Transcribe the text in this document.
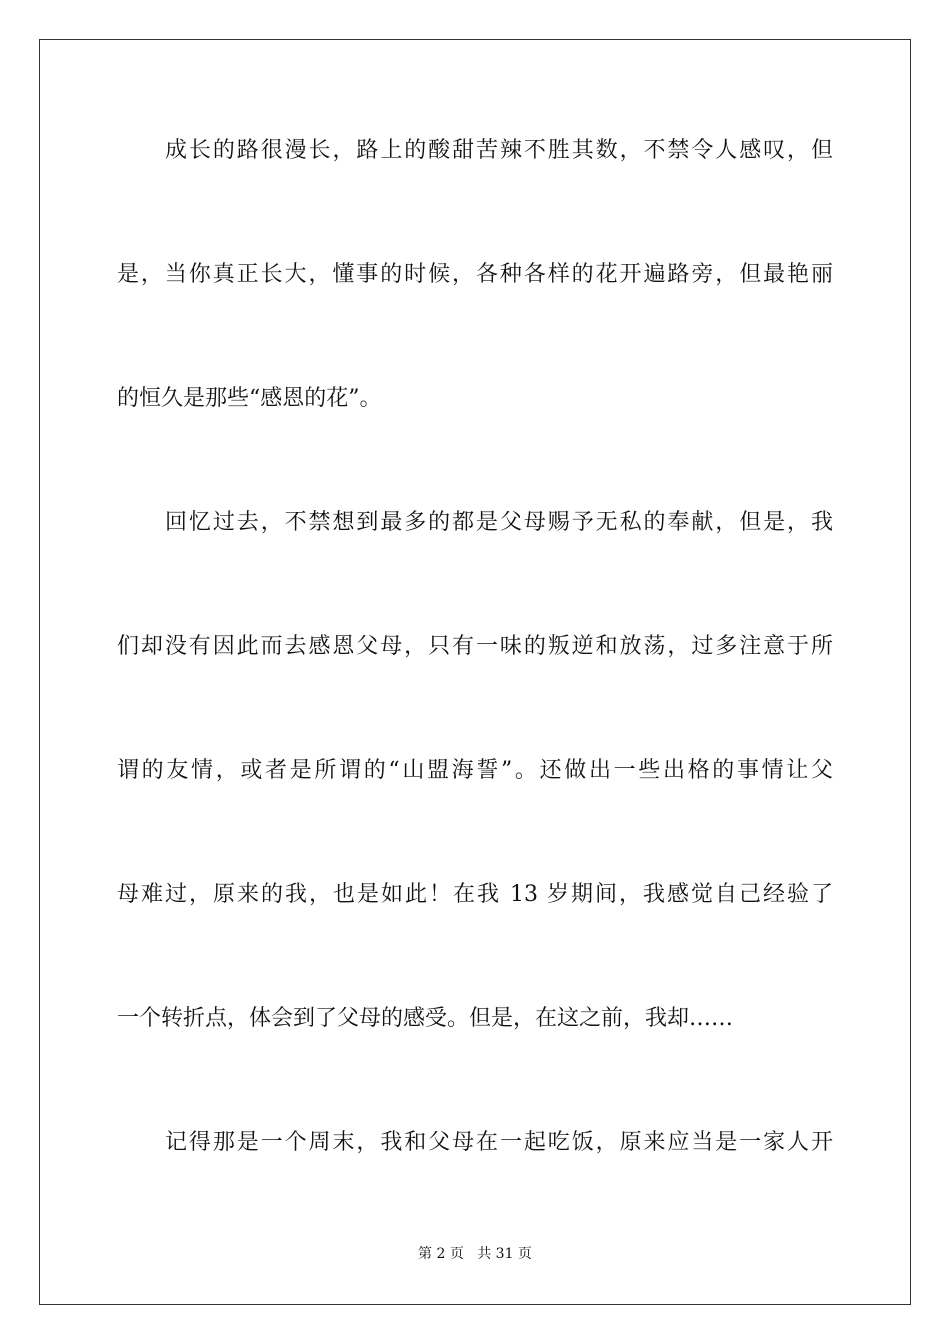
成长的路很漫长，路上的酸甜苦辣不胜其数，不禁令人感叹，但
是，当你真正长大，懂事的时候，各种各样的花开遍路旁，但最艳丽
的恒久是那些“感恩的花”。
回忆过去，不禁想到最多的都是父母赐予无私的奉献，但是，我
们却没有因此而去感恩父母，只有一味的叛逆和放荡，过多注意于所
谓的友情，或者是所谓的“山盟海誓”。还做出一些出格的事情让父
母难过，原来的我，也是如此！在我 13 岁期间，我感觉自己经验了
一个转折点，体会到了父母的感受。但是，在这之前，我却……
记得那是一个周末，我和父母在一起吃饭，原来应当是一家人开
第 2 页 共 31 页
